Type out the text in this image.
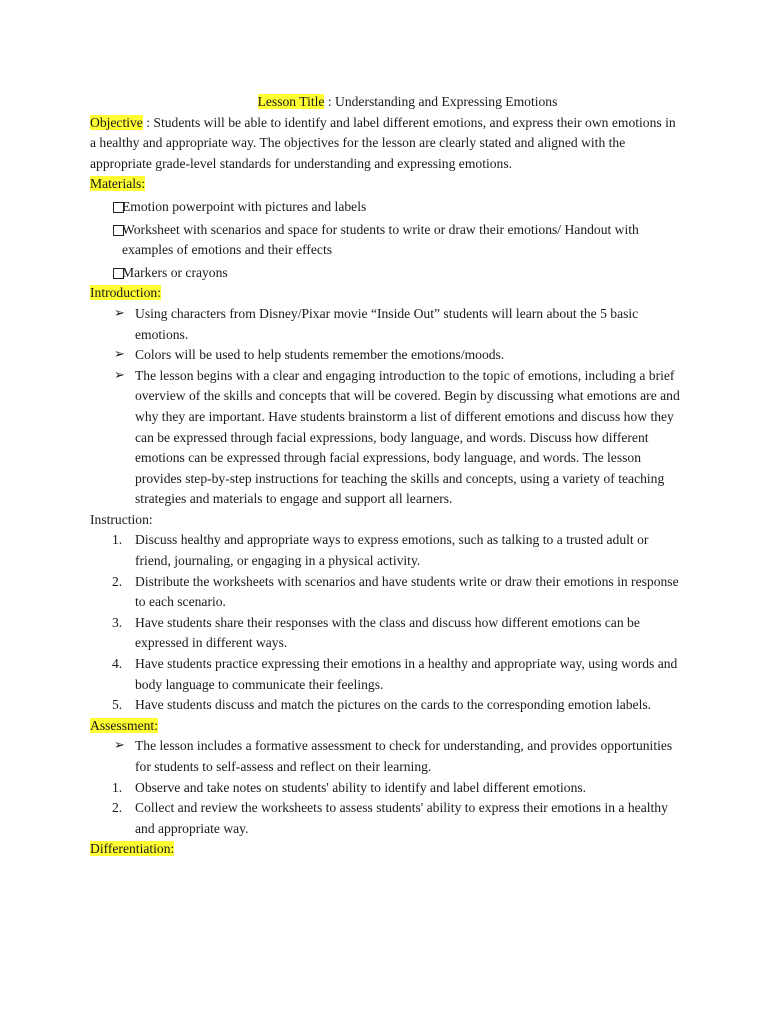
Lesson Title : Understanding and Expressing Emotions

Objective : Students will be able to identify and label different emotions, and express their own emotions in a healthy and appropriate way. The objectives for the lesson are clearly stated and aligned with the appropriate grade-level standards for understanding and expressing emotions.

Materials:

Emotion powerpoint with pictures and labels
Worksheet with scenarios and space for students to write or draw their emotions/ Handout with examples of emotions and their effects
Markers or crayons

Introduction:

➢ Using characters from Disney/Pixar movie “Inside Out” students will learn about the 5 basic emotions.
➢ Colors will be used to help students remember the emotions/moods.
➢ The lesson begins with a clear and engaging introduction to the topic of emotions, including a brief overview of the skills and concepts that will be covered. Begin by discussing what emotions are and why they are important. Have students brainstorm a list of different emotions and discuss how they can be expressed through facial expressions, body language, and words. Discuss how different emotions can be expressed through facial expressions, body language, and words. The lesson provides step-by-step instructions for teaching the skills and concepts, using a variety of teaching strategies and materials to engage and support all learners.

Instruction:

1. Discuss healthy and appropriate ways to express emotions, such as talking to a trusted adult or friend, journaling, or engaging in a physical activity.
2. Distribute the worksheets with scenarios and have students write or draw their emotions in response to each scenario.
3. Have students share their responses with the class and discuss how different emotions can be expressed in different ways.
4. Have students practice expressing their emotions in a healthy and appropriate way, using words and body language to communicate their feelings.
5. Have students discuss and match the pictures on the cards to the corresponding emotion labels.

Assessment:

➢ The lesson includes a formative assessment to check for understanding, and provides opportunities for students to self-assess and reflect on their learning.
1. Observe and take notes on students' ability to identify and label different emotions.
2. Collect and review the worksheets to assess students' ability to express their emotions in a healthy and appropriate way.

Differentiation:
